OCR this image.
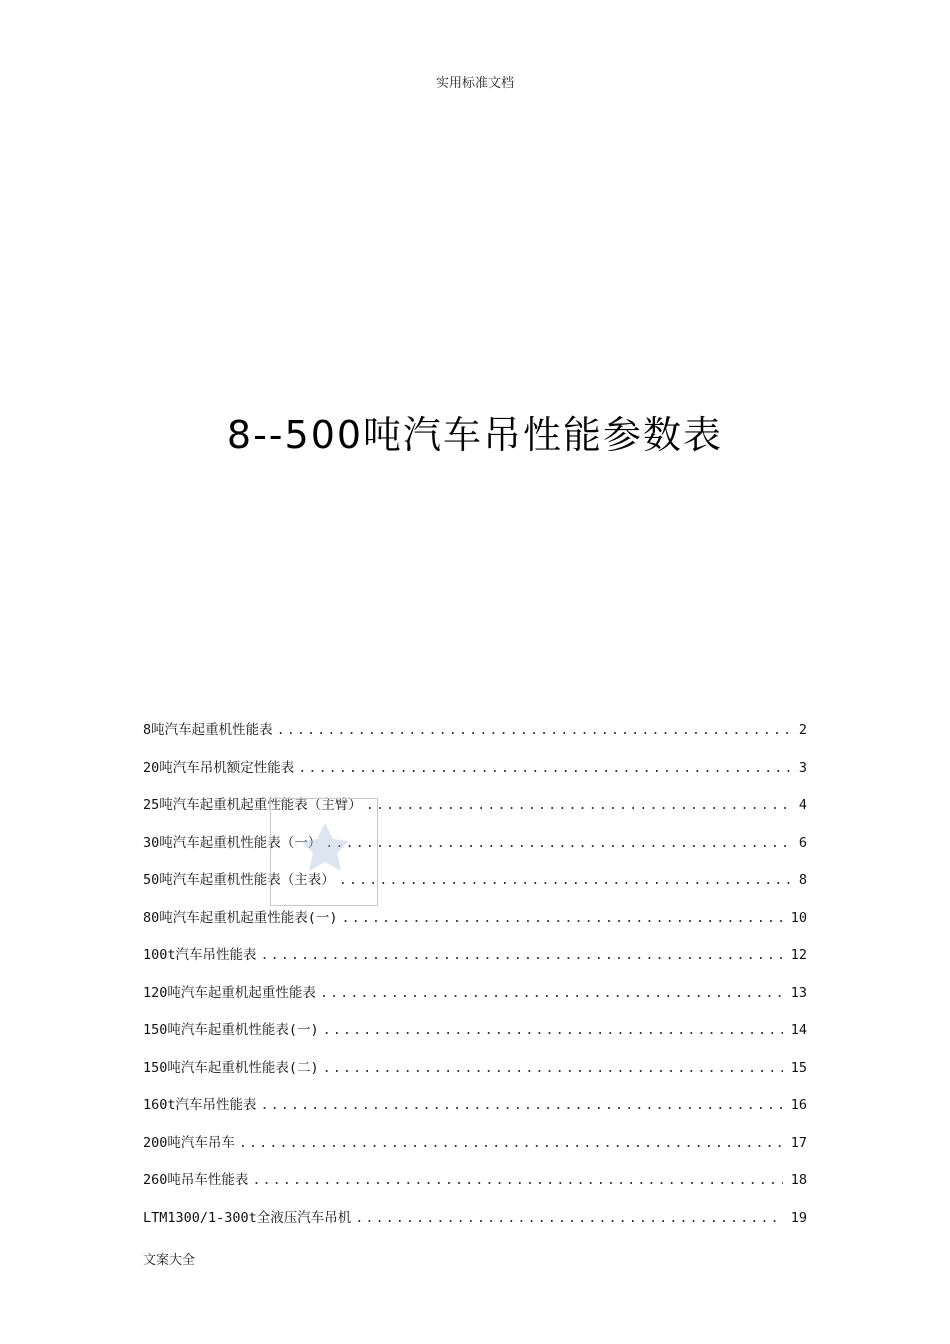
实用标准文档
8--500吨汽车吊性能参数表
8吨汽车起重机性能表 .....	2
20吨汽车吊机额定性能表 .....	3
25吨汽车起重机起重性能表（主臂） .....	4
30吨汽车起重机性能表（一） .....	6
50吨汽车起重机性能表（主表） .....	8
80吨汽车起重机起重性能表(一) .....	10
100t汽车吊性能表 .....	12
120吨汽车起重机起重性能表 .....	13
150吨汽车起重机性能表(一) .....	14
150吨汽车起重机性能表(二) .....	15
160t汽车吊性能表 .....	16
200吨汽车吊车 .....	17
260吨吊车性能表 .....	18
LTM1300/1-300t全液压汽车吊机 .....	19
文案大全
